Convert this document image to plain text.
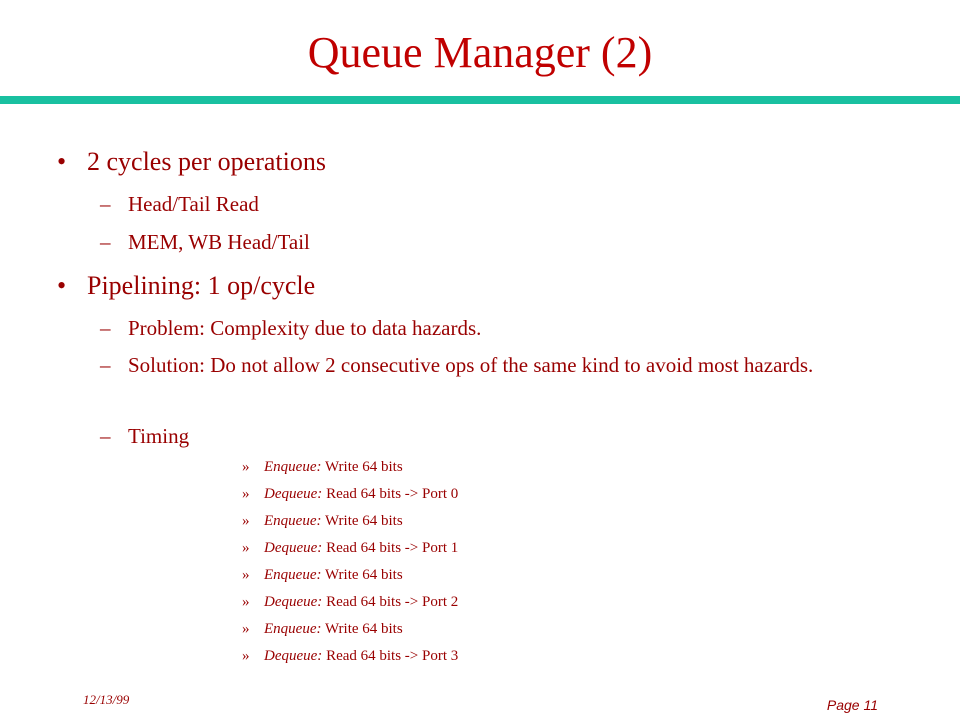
Queue Manager (2)
• 2 cycles per operations
– Head/Tail Read
– MEM, WB Head/Tail
• Pipelining: 1 op/cycle
– Problem: Complexity due to data hazards.
– Solution: Do not allow 2 consecutive ops of the same kind to avoid most hazards.
– Timing
» Enqueue: Write 64 bits
» Dequeue: Read 64 bits -> Port 0
» Enqueue: Write 64 bits
» Dequeue: Read 64 bits -> Port 1
» Enqueue: Write 64 bits
» Dequeue: Read 64 bits -> Port 2
» Enqueue: Write 64 bits
» Dequeue: Read 64 bits -> Port 3
12/13/99	Page 11
